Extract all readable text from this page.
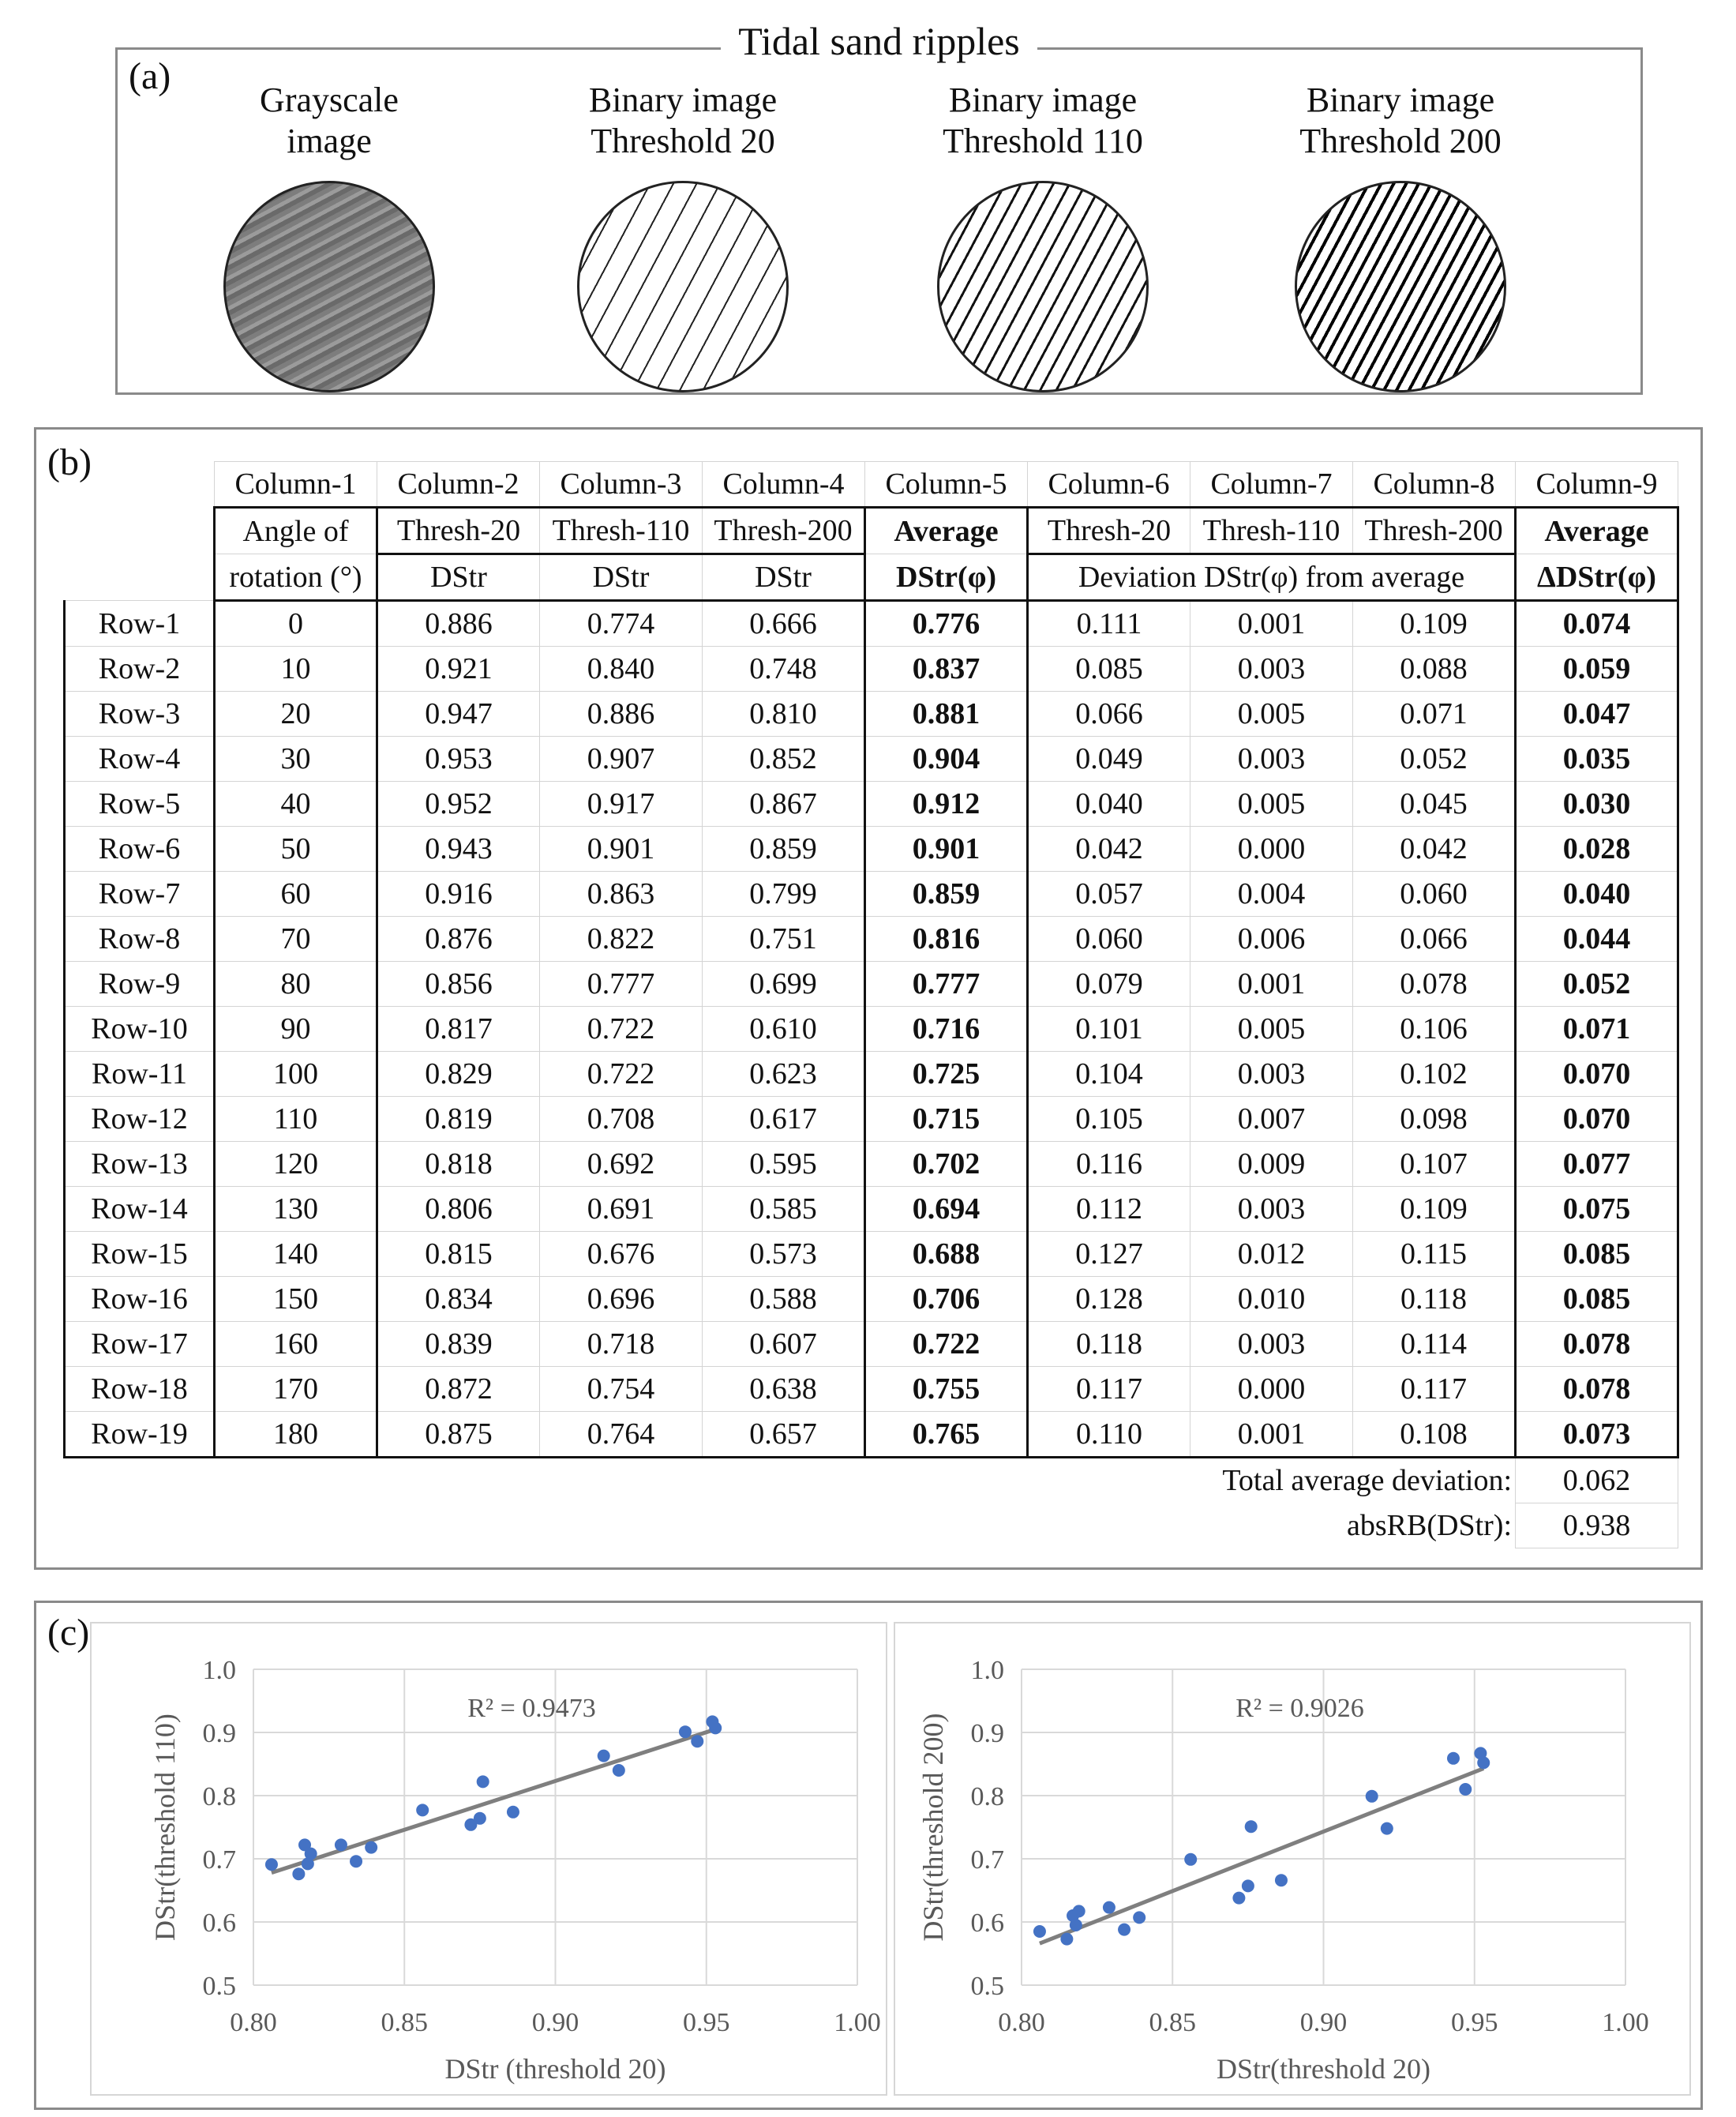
Tidal sand ripples
(a)
Grayscale
image
Binary image
Threshold 20
Binary image
Threshold 110
Binary image
Threshold 200
(b)
	Column-1	Column-2	Column-3	Column-4	Column-5	Column-6	Column-7	Column-8	Column-9
	Angle of	Thresh-20	Thresh-110	Thresh-200	Average	Thresh-20	Thresh-110	Thresh-200	Average
	rotation (°)	DStr	DStr	DStr	DStr(φ)	Deviation DStr(φ) from average			ΔDStr(φ)
Row-1	0	0.886	0.774	0.666	0.776	0.111	0.001	0.109	0.074
Row-2	10	0.921	0.840	0.748	0.837	0.085	0.003	0.088	0.059
Row-3	20	0.947	0.886	0.810	0.881	0.066	0.005	0.071	0.047
Row-4	30	0.953	0.907	0.852	0.904	0.049	0.003	0.052	0.035
Row-5	40	0.952	0.917	0.867	0.912	0.040	0.005	0.045	0.030
Row-6	50	0.943	0.901	0.859	0.901	0.042	0.000	0.042	0.028
Row-7	60	0.916	0.863	0.799	0.859	0.057	0.004	0.060	0.040
Row-8	70	0.876	0.822	0.751	0.816	0.060	0.006	0.066	0.044
Row-9	80	0.856	0.777	0.699	0.777	0.079	0.001	0.078	0.052
Row-10	90	0.817	0.722	0.610	0.716	0.101	0.005	0.106	0.071
Row-11	100	0.829	0.722	0.623	0.725	0.104	0.003	0.102	0.070
Row-12	110	0.819	0.708	0.617	0.715	0.105	0.007	0.098	0.070
Row-13	120	0.818	0.692	0.595	0.702	0.116	0.009	0.107	0.077
Row-14	130	0.806	0.691	0.585	0.694	0.112	0.003	0.109	0.075
Row-15	140	0.815	0.676	0.573	0.688	0.127	0.012	0.115	0.085
Row-16	150	0.834	0.696	0.588	0.706	0.128	0.010	0.118	0.085
Row-17	160	0.839	0.718	0.607	0.722	0.118	0.003	0.114	0.078
Row-18	170	0.872	0.754	0.638	0.755	0.117	0.000	0.117	0.078
Row-19	180	0.875	0.764	0.657	0.765	0.110	0.001	0.108	0.073
						Total average deviation:			0.062
						absRB(DStr):			0.938
(c)
0.5
0.6
0.7
0.8
0.9
1.0
0.80	0.85	0.90	0.95	1.00
R² = 0.9473
DStr (threshold 20)
DStr(threshold 110)
0.5
0.6
0.7
0.8
0.9
1.0
0.80	0.85	0.90	0.95	1.00
R² = 0.9026
DStr(threshold 20)
DStr(threshold 200)
